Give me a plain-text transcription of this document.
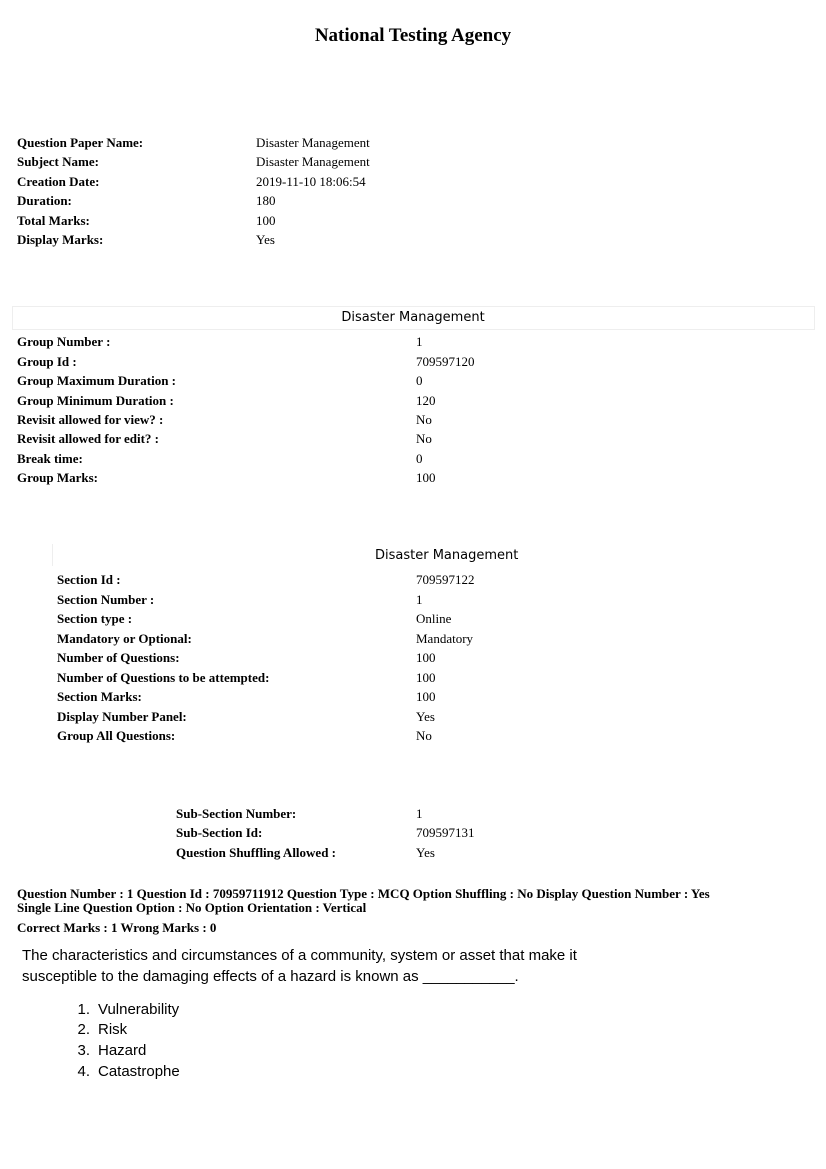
National Testing Agency
Question Paper Name:	Disaster Management
Subject Name:	Disaster Management
Creation Date:	2019-11-10 18:06:54
Duration:	180
Total Marks:	100
Display Marks:	Yes
Disaster Management
Group Number :	1
Group Id :	709597120
Group Maximum Duration :	0
Group Minimum Duration :	120
Revisit allowed for view? :	No
Revisit allowed for edit? :	No
Break time:	0
Group Marks:	100
Disaster Management
Section Id :	709597122
Section Number :	1
Section type :	Online
Mandatory or Optional:	Mandatory
Number of Questions:	100
Number of Questions to be attempted:	100
Section Marks:	100
Display Number Panel:	Yes
Group All Questions:	No
Sub-Section Number:	1
Sub-Section Id:	709597131
Question Shuffling Allowed :	Yes
Question Number : 1 Question Id : 70959711912 Question Type : MCQ Option Shuffling : No Display Question Number : Yes
Single Line Question Option : No Option Orientation : Vertical
Correct Marks : 1 Wrong Marks : 0
The characteristics and circumstances of a community, system or asset that make it
susceptible to the damaging effects of a hazard is known as ___________.
1. Vulnerability
2. Risk
3. Hazard
4. Catastrophe
